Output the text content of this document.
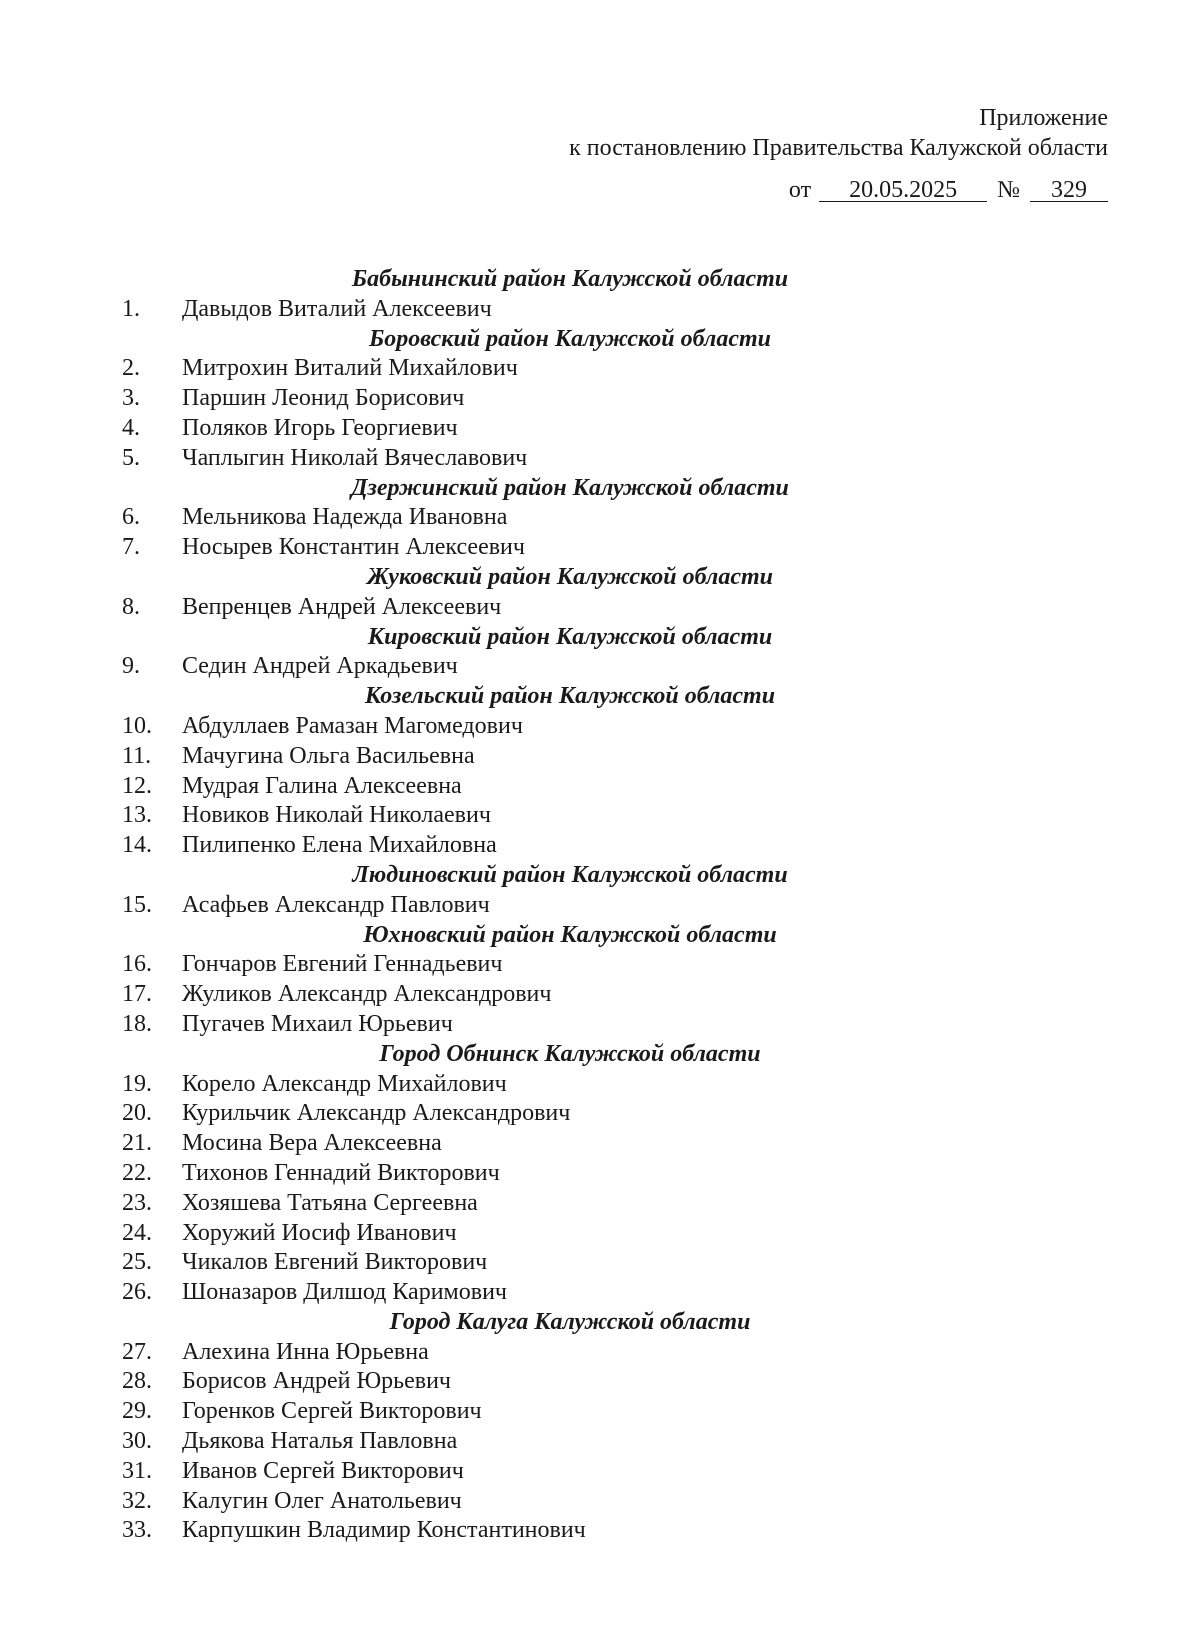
Приложение
к постановлению Правительства Калужской области
от 20.05.2025 № 329
Бабынинский район Калужской области
1.	Давыдов Виталий Алексеевич
Боровский район Калужской области
2.	Митрохин Виталий Михайлович
3.	Паршин Леонид Борисович
4.	Поляков Игорь Георгиевич
5.	Чаплыгин Николай Вячеславович
Дзержинский район Калужской области
6.	Мельникова Надежда Ивановна
7.	Носырев Константин Алексеевич
Жуковский район Калужской области
8.	Вепренцев Андрей Алексеевич
Кировский район Калужской области
9.	Седин Андрей Аркадьевич
Козельский район Калужской области
10.	Абдуллаев Рамазан Магомедович
11.	Мачугина Ольга Васильевна
12.	Мудрая Галина Алексеевна
13.	Новиков Николай Николаевич
14.	Пилипенко Елена Михайловна
Людиновский район Калужской области
15.	Асафьев Александр Павлович
Юхновский район Калужской области
16.	Гончаров Евгений Геннадьевич
17.	Жуликов Александр Александрович
18.	Пугачев Михаил Юрьевич
Город Обнинск Калужской области
19.	Корело Александр Михайлович
20.	Курильчик Александр Александрович
21.	Мосина Вера Алексеевна
22.	Тихонов Геннадий Викторович
23.	Хозяшева Татьяна Сергеевна
24.	Хоружий Иосиф Иванович
25.	Чикалов Евгений Викторович
26.	Шоназаров Дилшод Каримович
Город Калуга Калужской области
27.	Алехина Инна Юрьевна
28.	Борисов Андрей Юрьевич
29.	Горенков Сергей Викторович
30.	Дьякова Наталья Павловна
31.	Иванов Сергей Викторович
32.	Калугин Олег Анатольевич
33.	Карпушкин Владимир Константинович
